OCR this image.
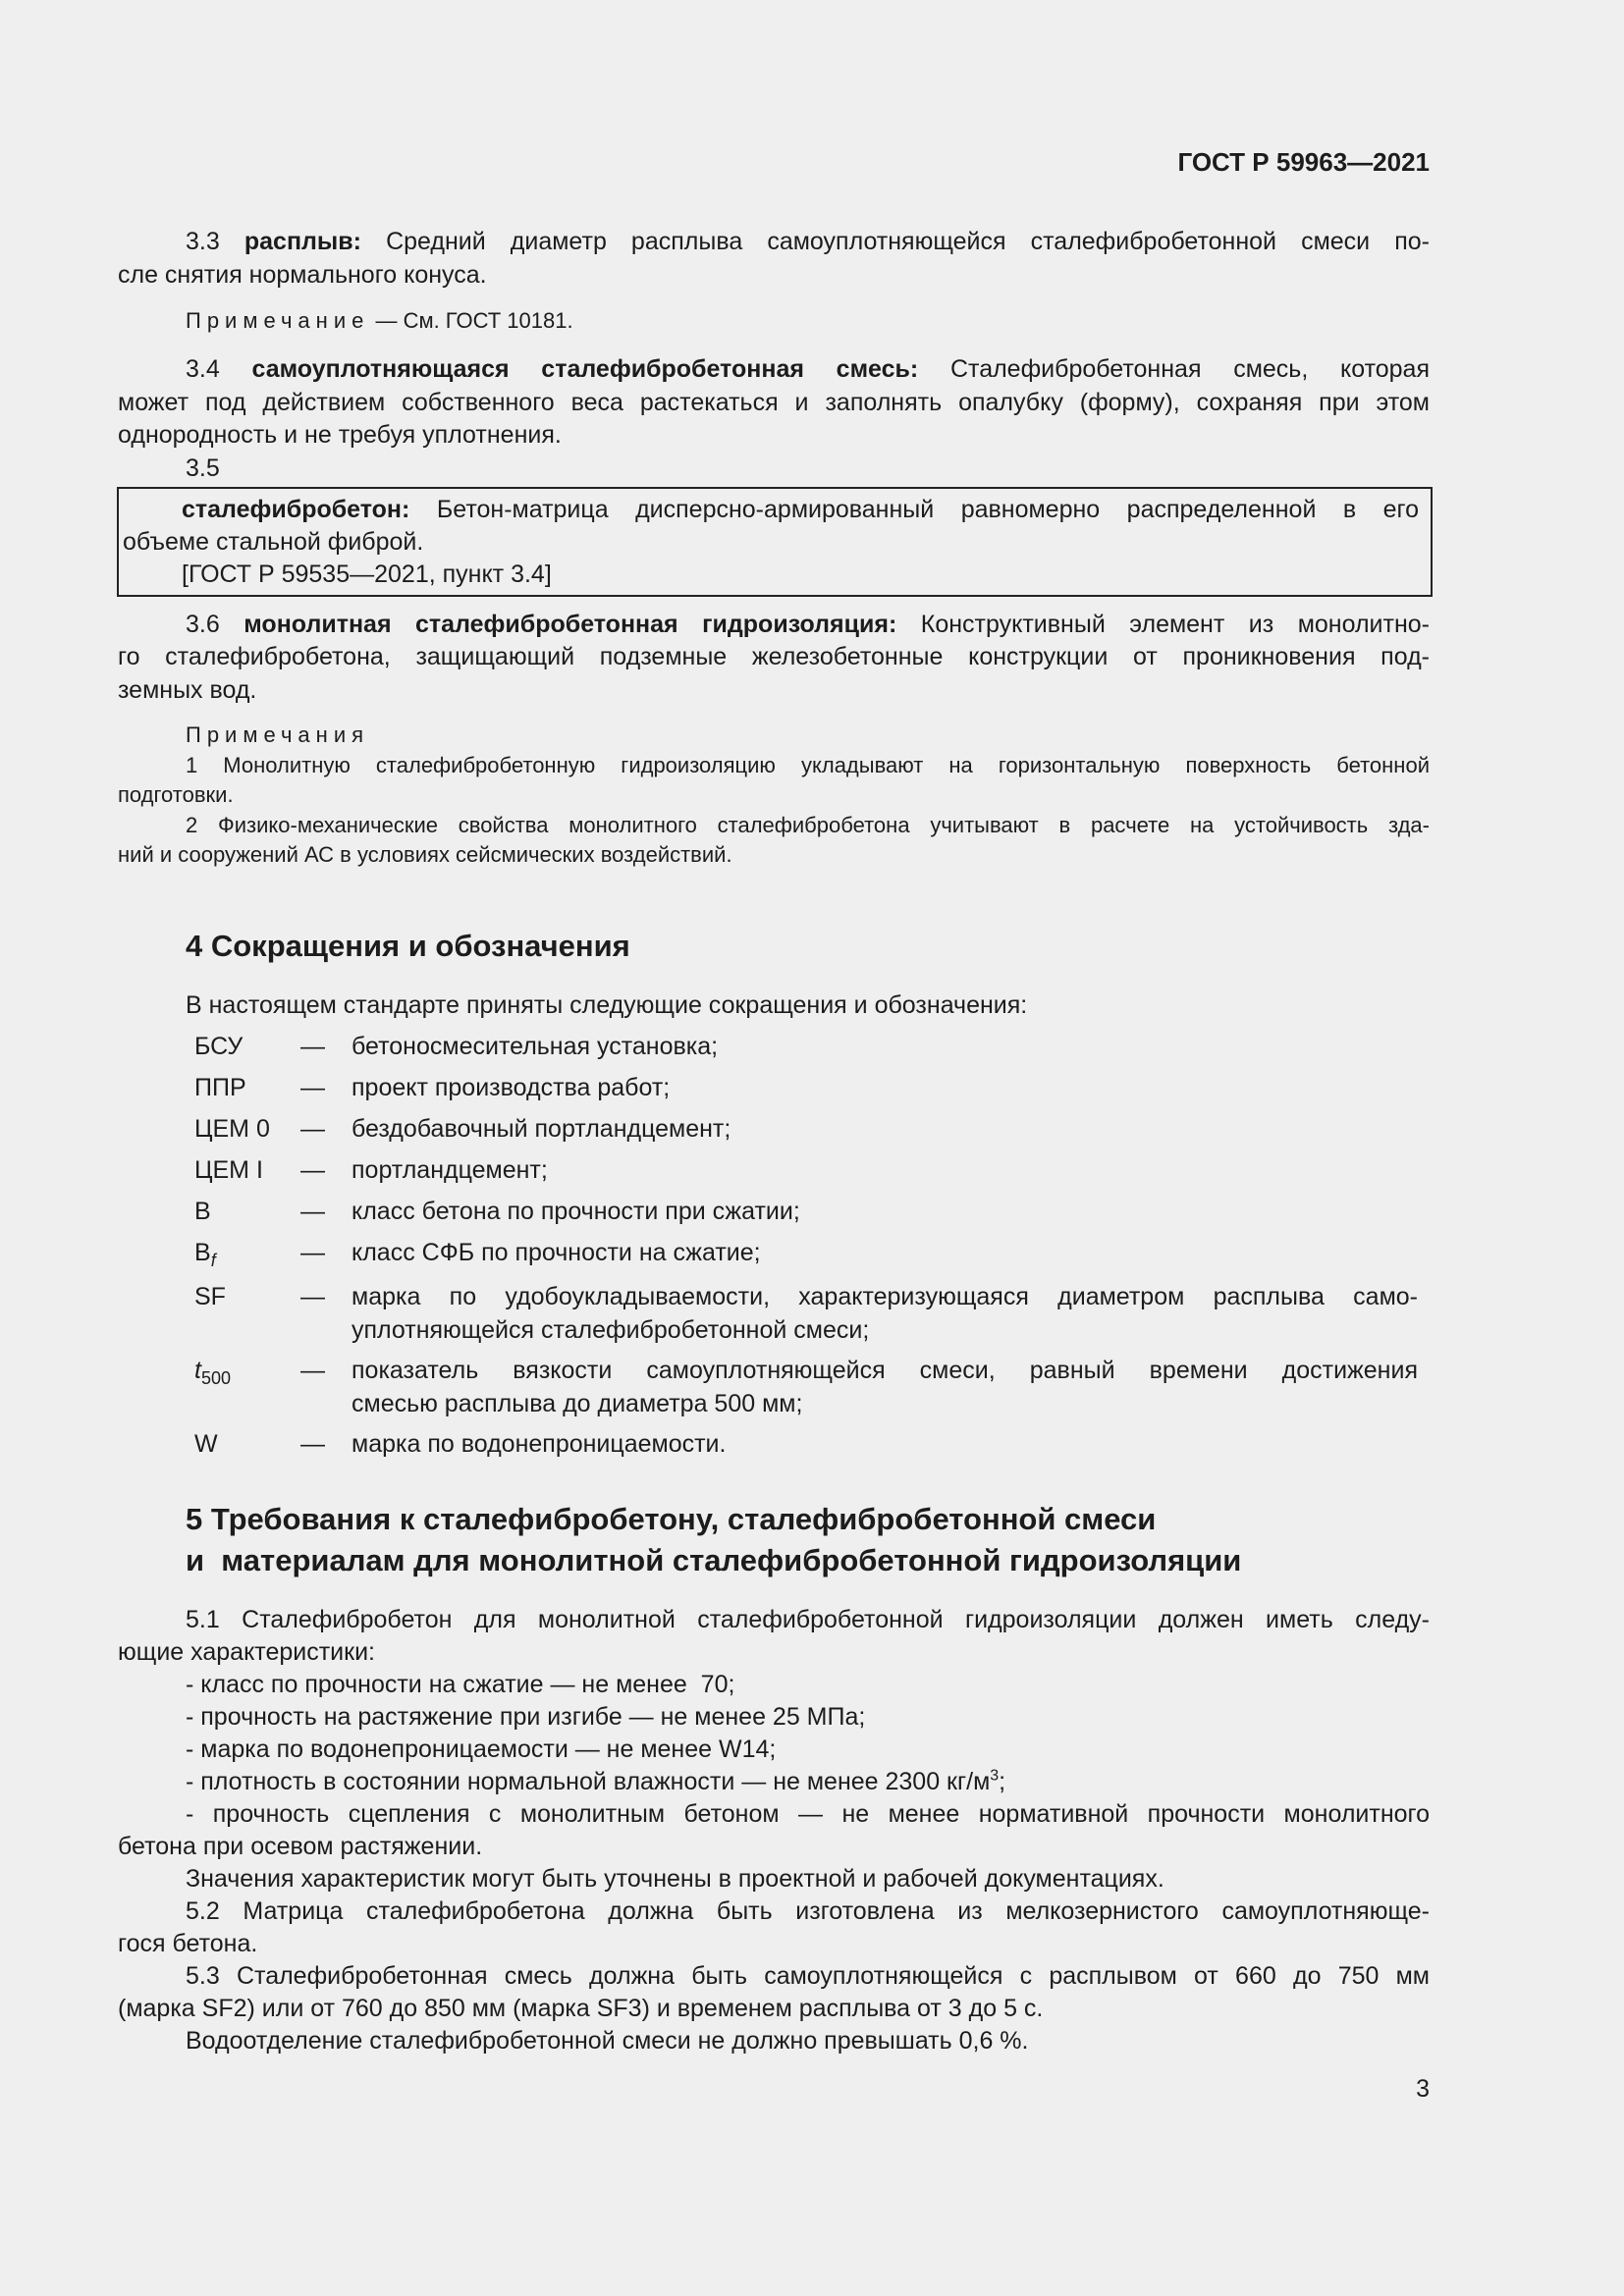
ГОСТ Р 59963—2021
3.3 расплыв: Средний диаметр расплыва самоуплотняющейся сталефибробетонной смеси по-
сле снятия нормального конуса.
Примечание — См. ГОСТ 10181.
3.4 самоуплотняющаяся сталефибробетонная смесь: Сталефибробетонная смесь, которая
может под действием собственного веса растекаться и заполнять опалубку (форму), сохраняя при этом
однородность и не требуя уплотнения.
3.5
сталефибробетон: Бетон-матрица дисперсно-армированный равномерно распределенной в его
объеме стальной фиброй.
[ГОСТ Р 59535—2021, пункт 3.4]
3.6 монолитная сталефибробетонная гидроизоляция: Конструктивный элемент из монолитно-
го сталефибробетона, защищающий подземные железобетонные конструкции от проникновения под-
земных вод.
Примечания
1 Монолитную сталефибробетонную гидроизоляцию укладывают на горизонтальную поверхность бетонной
подготовки.
2 Физико-механические свойства монолитного сталефибробетона учитывают в расчете на устойчивость зда-
ний и сооружений АС в условиях сейсмических воздействий.
4 Сокращения и обозначения
В настоящем стандарте приняты следующие сокращения и обозначения:
БСУ — бетоносмесительная установка;
ППР — проект производства работ;
ЦЕМ 0 — бездобавочный портландцемент;
ЦЕМ I — портландцемент;
B	— класс бетона по прочности при сжатии;
$B_f$	— класс СФБ по прочности на сжатие;
SF	— марка по удобоукладываемости, характеризующаяся диаметром расплыва само-
уплотняющейся сталефибробетонной смеси;
$t_{500}$	— показатель вязкости самоуплотняющейся смеси, равный времени достижения
смесью расплыва до диаметра 500 мм;
W	— марка по водонепроницаемости.
5 Требования к сталефибробетону, сталефибробетонной смеси
и  материалам для монолитной сталефибробетонной гидроизоляции
5.1 Сталефибробетон для монолитной сталефибробетонной гидроизоляции должен иметь следу-
ющие характеристики:
- класс по прочности на сжатие — не менее  70;
- прочность на растяжение при изгибе — не менее 25 МПа;
- марка по водонепроницаемости — не менее W14;
- плотность в состоянии нормальной влажности — не менее 2300 $кг/м^3$;
- прочность сцепления с монолитным бетоном — не менее нормативной прочности монолитного
бетона при осевом растяжении.
Значения характеристик могут быть уточнены в проектной и рабочей документациях.
5.2 Матрица сталефибробетона должна быть изготовлена из мелкозернистого самоуплотняюще-
гося бетона.
5.3 Сталефибробетонная смесь должна быть самоуплотняющейся с расплывом от 660 до 750 мм
(марка SF2) или от 760 до 850 мм (марка SF3) и временем расплыва от 3 до 5 с.
Водоотделение сталефибробетонной смеси не должно превышать 0,6 %.
3
